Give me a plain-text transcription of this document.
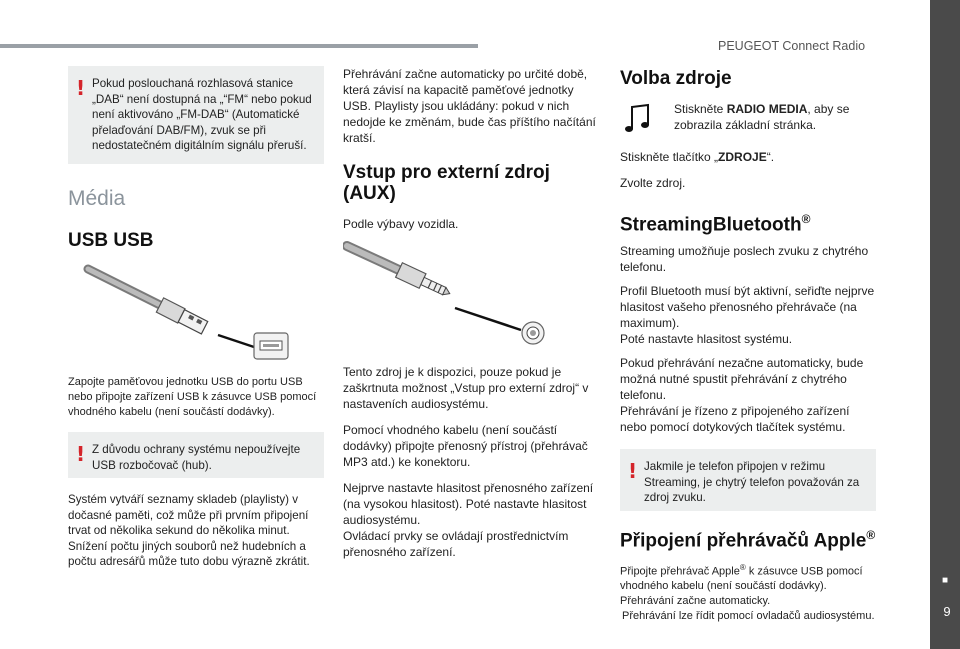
PEUGEOT Connect Radio
■
9
! Pokud poslouchaná rozhlasová stanice „DAB“ není dostupná na „“FM“ nebo pokud není aktivováno „FM-DAB“ (Automatické přelaďování DAB/FM), zvuk se při nedostatečném digitálním signálu přeruší.
Média
USB USB

Zapojte paměťovou jednotku USB do portu USB nebo připojte zařízení USB k zásuvce USB pomocí vhodného kabelu (není součástí dodávky).

! Z důvodu ochrany systému nepoužívejte USB rozbočovač (hub).

Systém vytváří seznamy skladeb (playlisty) v dočasné paměti, což může při prvním připojení trvat od několika sekund do několika minut. Snížení počtu jiných souborů než hudebních a počtu adresářů může tuto dobu výrazně zkrátit.

Přehrávání začne automaticky po určité době, která závisí na kapacitě paměťové jednotky USB. Playlisty jsou ukládány: pokud v nich nedojde ke změnám, bude čas příštího načítání kratší.

Vstup pro externí zdroj (AUX)

Podle výbavy vozidla.

Tento zdroj je k dispozici, pouze pokud je zaškrtnuta možnost „Vstup pro externí zdroj“ v nastaveních audiosystému.

Pomocí vhodného kabelu (není součástí dodávky) připojte přenosný přístroj (přehrávač MP3 atd.) ke konektoru.

Nejprve nastavte hlasitost přenosného zařízení (na vysokou hlasitost). Poté nastavte hlasitost audiosystému.
Ovládací prvky se ovládají prostřednictvím přenosného zařízení.

Volba zdroje
Stiskněte RADIO MEDIA, aby se zobrazila základní stránka.

Stiskněte tlačítko „ZDROJE“.

Zvolte zdroj.

StreamingBluetooth®

Streaming umožňuje poslech zvuku z chytrého telefonu.

Profil Bluetooth musí být aktivní, seřiďte nejprve hlasitost vašeho přenosného přehrávače (na maximum).
Poté nastavte hlasitost systému.

Pokud přehrávání nezačne automaticky, bude možná nutné spustit přehrávání z chytrého telefonu.
Přehrávání je řízeno z připojeného zařízení nebo pomocí dotykových tlačítek systému.

! Jakmile je telefon připojen v režimu Streaming, je chytrý telefon považován za zdroj zvuku.
Připojení přehrávačů Apple®

Připojte přehrávač Apple® k zásuvce USB pomocí vhodného kabelu (není součástí dodávky).
Přehrávání začne automaticky.

Přehrávání lze řídit pomocí ovladačů audiosystému.
